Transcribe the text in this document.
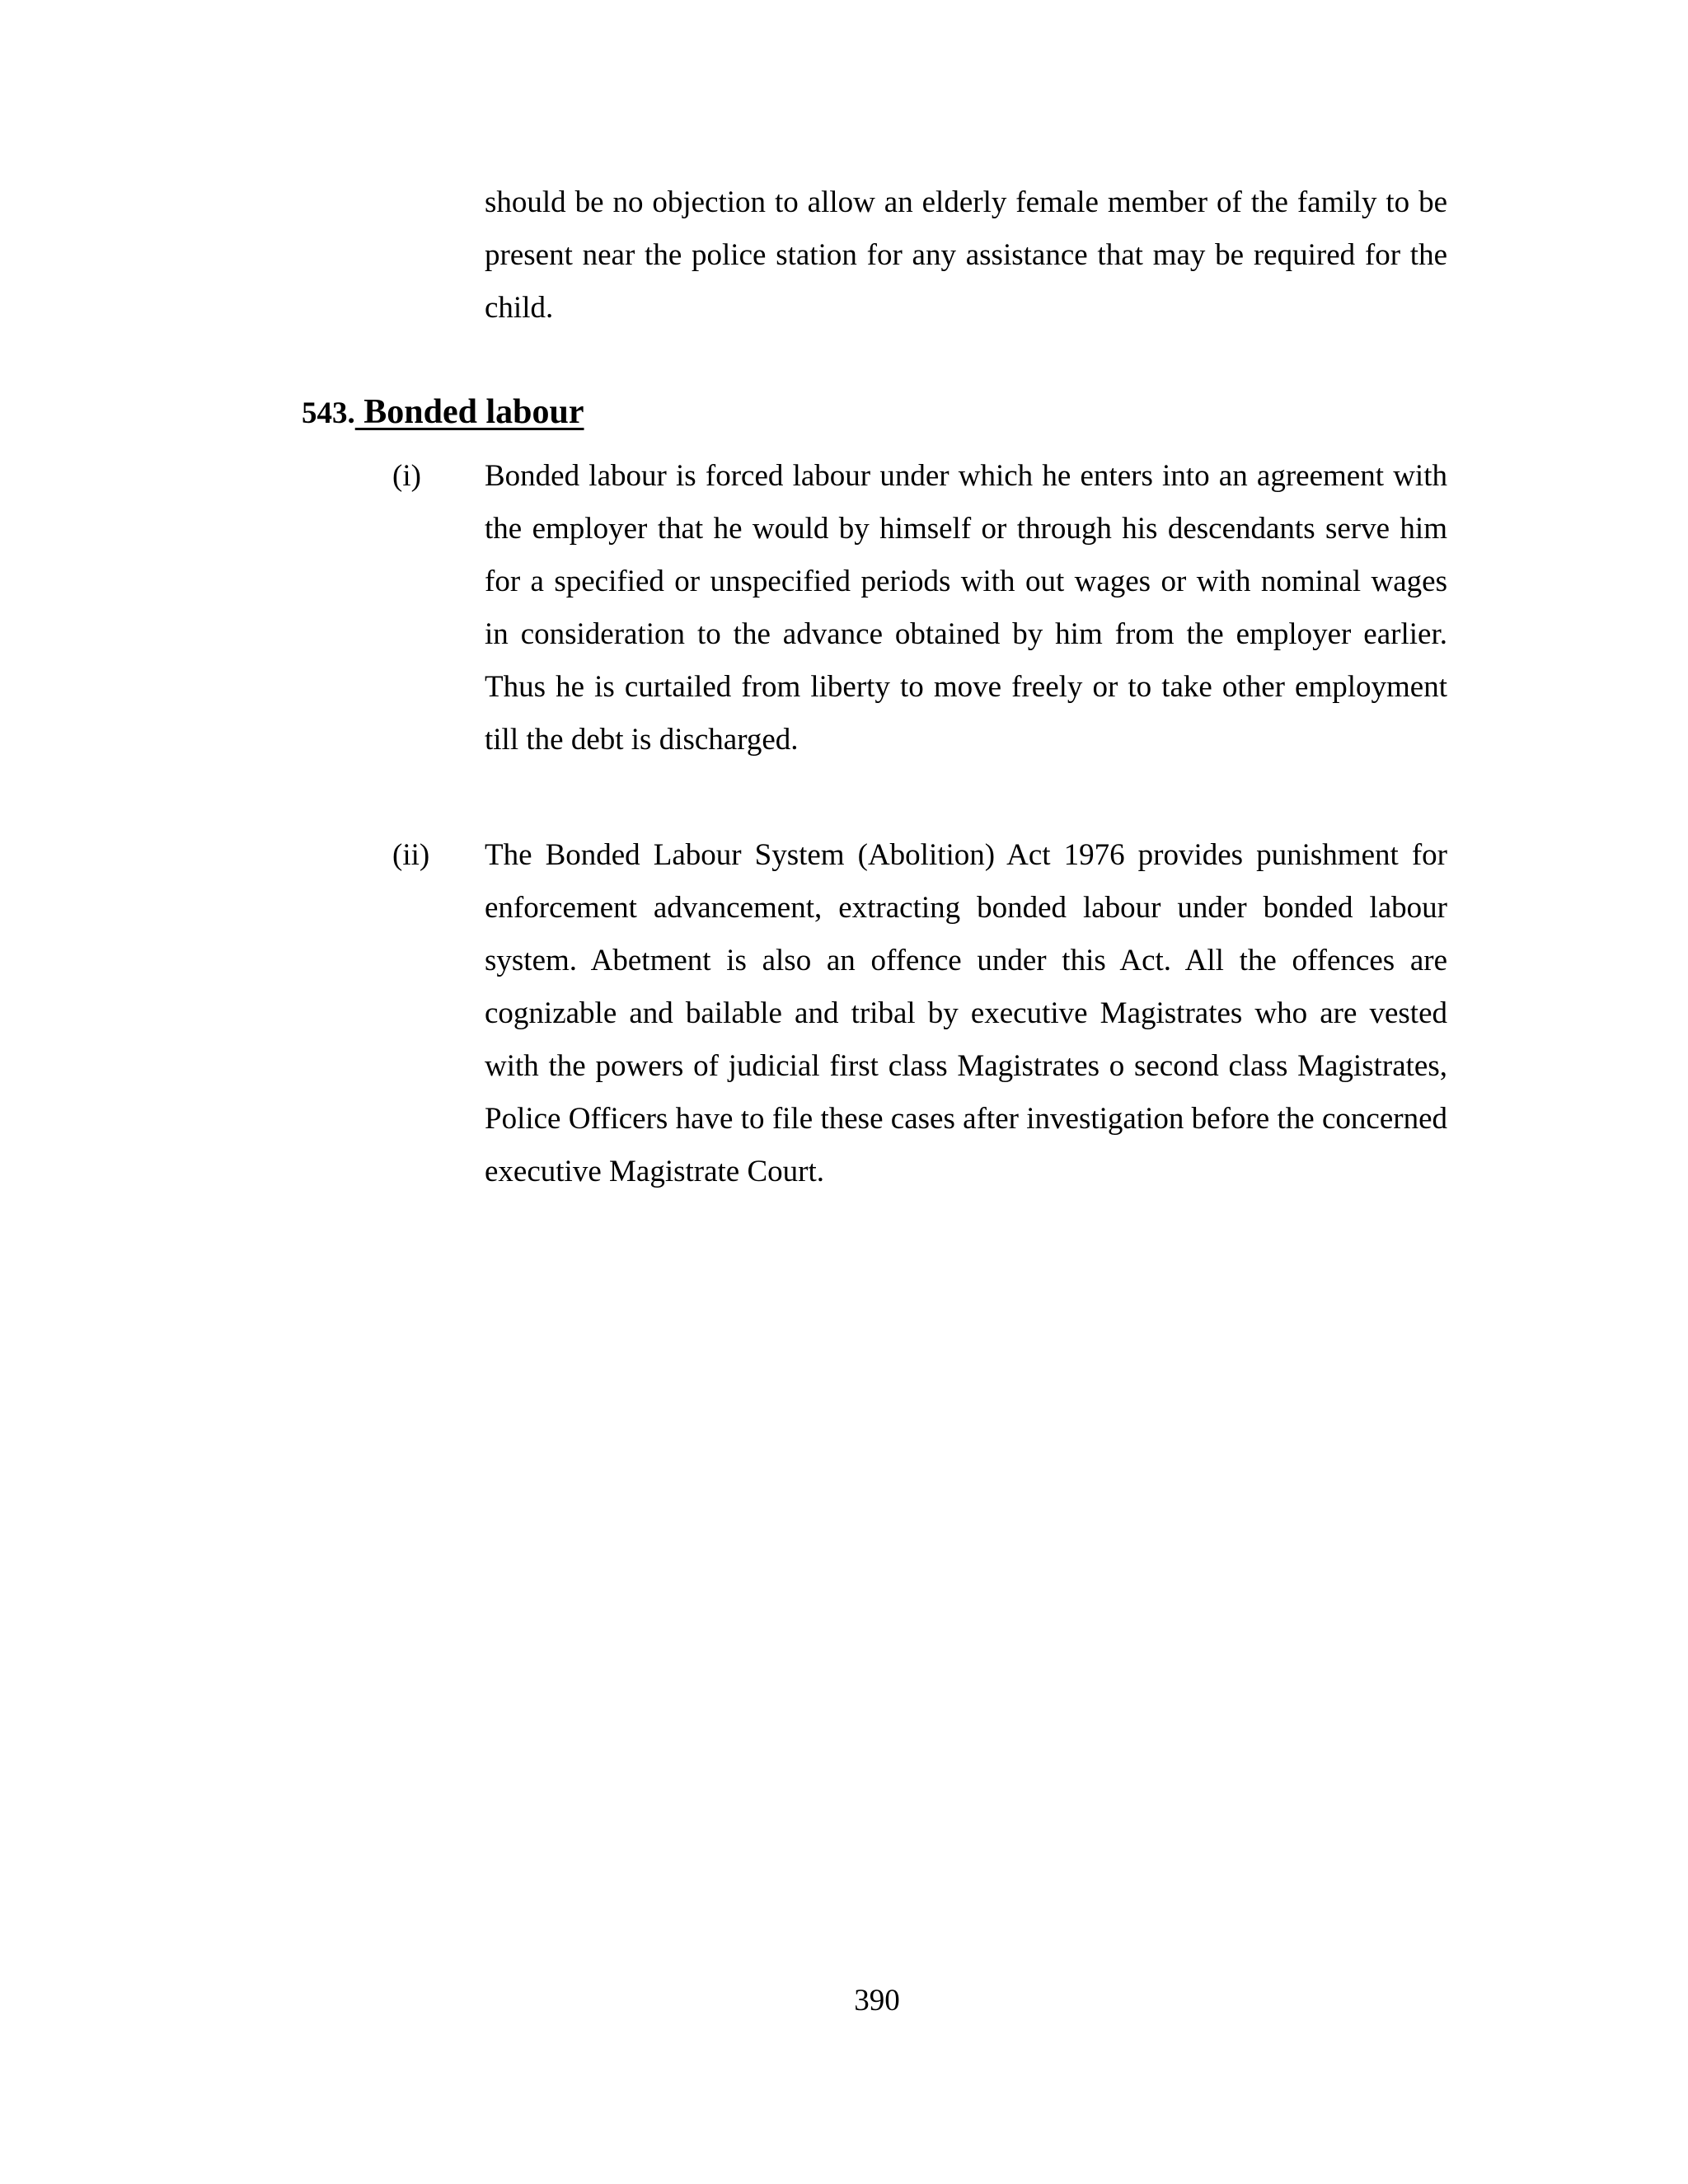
should be no objection to allow an elderly female member of the family to be present near the police station for any assistance that may be required for the child.

543. Bonded labour
(i) Bonded labour is forced labour under which he enters into an agreement with the employer that he would by himself or through his descendants serve him for a specified or unspecified periods with out wages or with nominal wages in consideration to the advance obtained by him from the employer earlier. Thus he is curtailed from liberty to move freely or to take other employment till the debt is discharged.

(ii) The Bonded Labour System (Abolition) Act 1976 provides punishment for enforcement advancement, extracting bonded labour under bonded labour system. Abetment is also an offence under this Act. All the offences are cognizable and bailable and tribal by executive Magistrates who are vested with the powers of judicial first class Magistrates o second class Magistrates, Police Officers have to file these cases after investigation before the concerned executive Magistrate Court.

390
